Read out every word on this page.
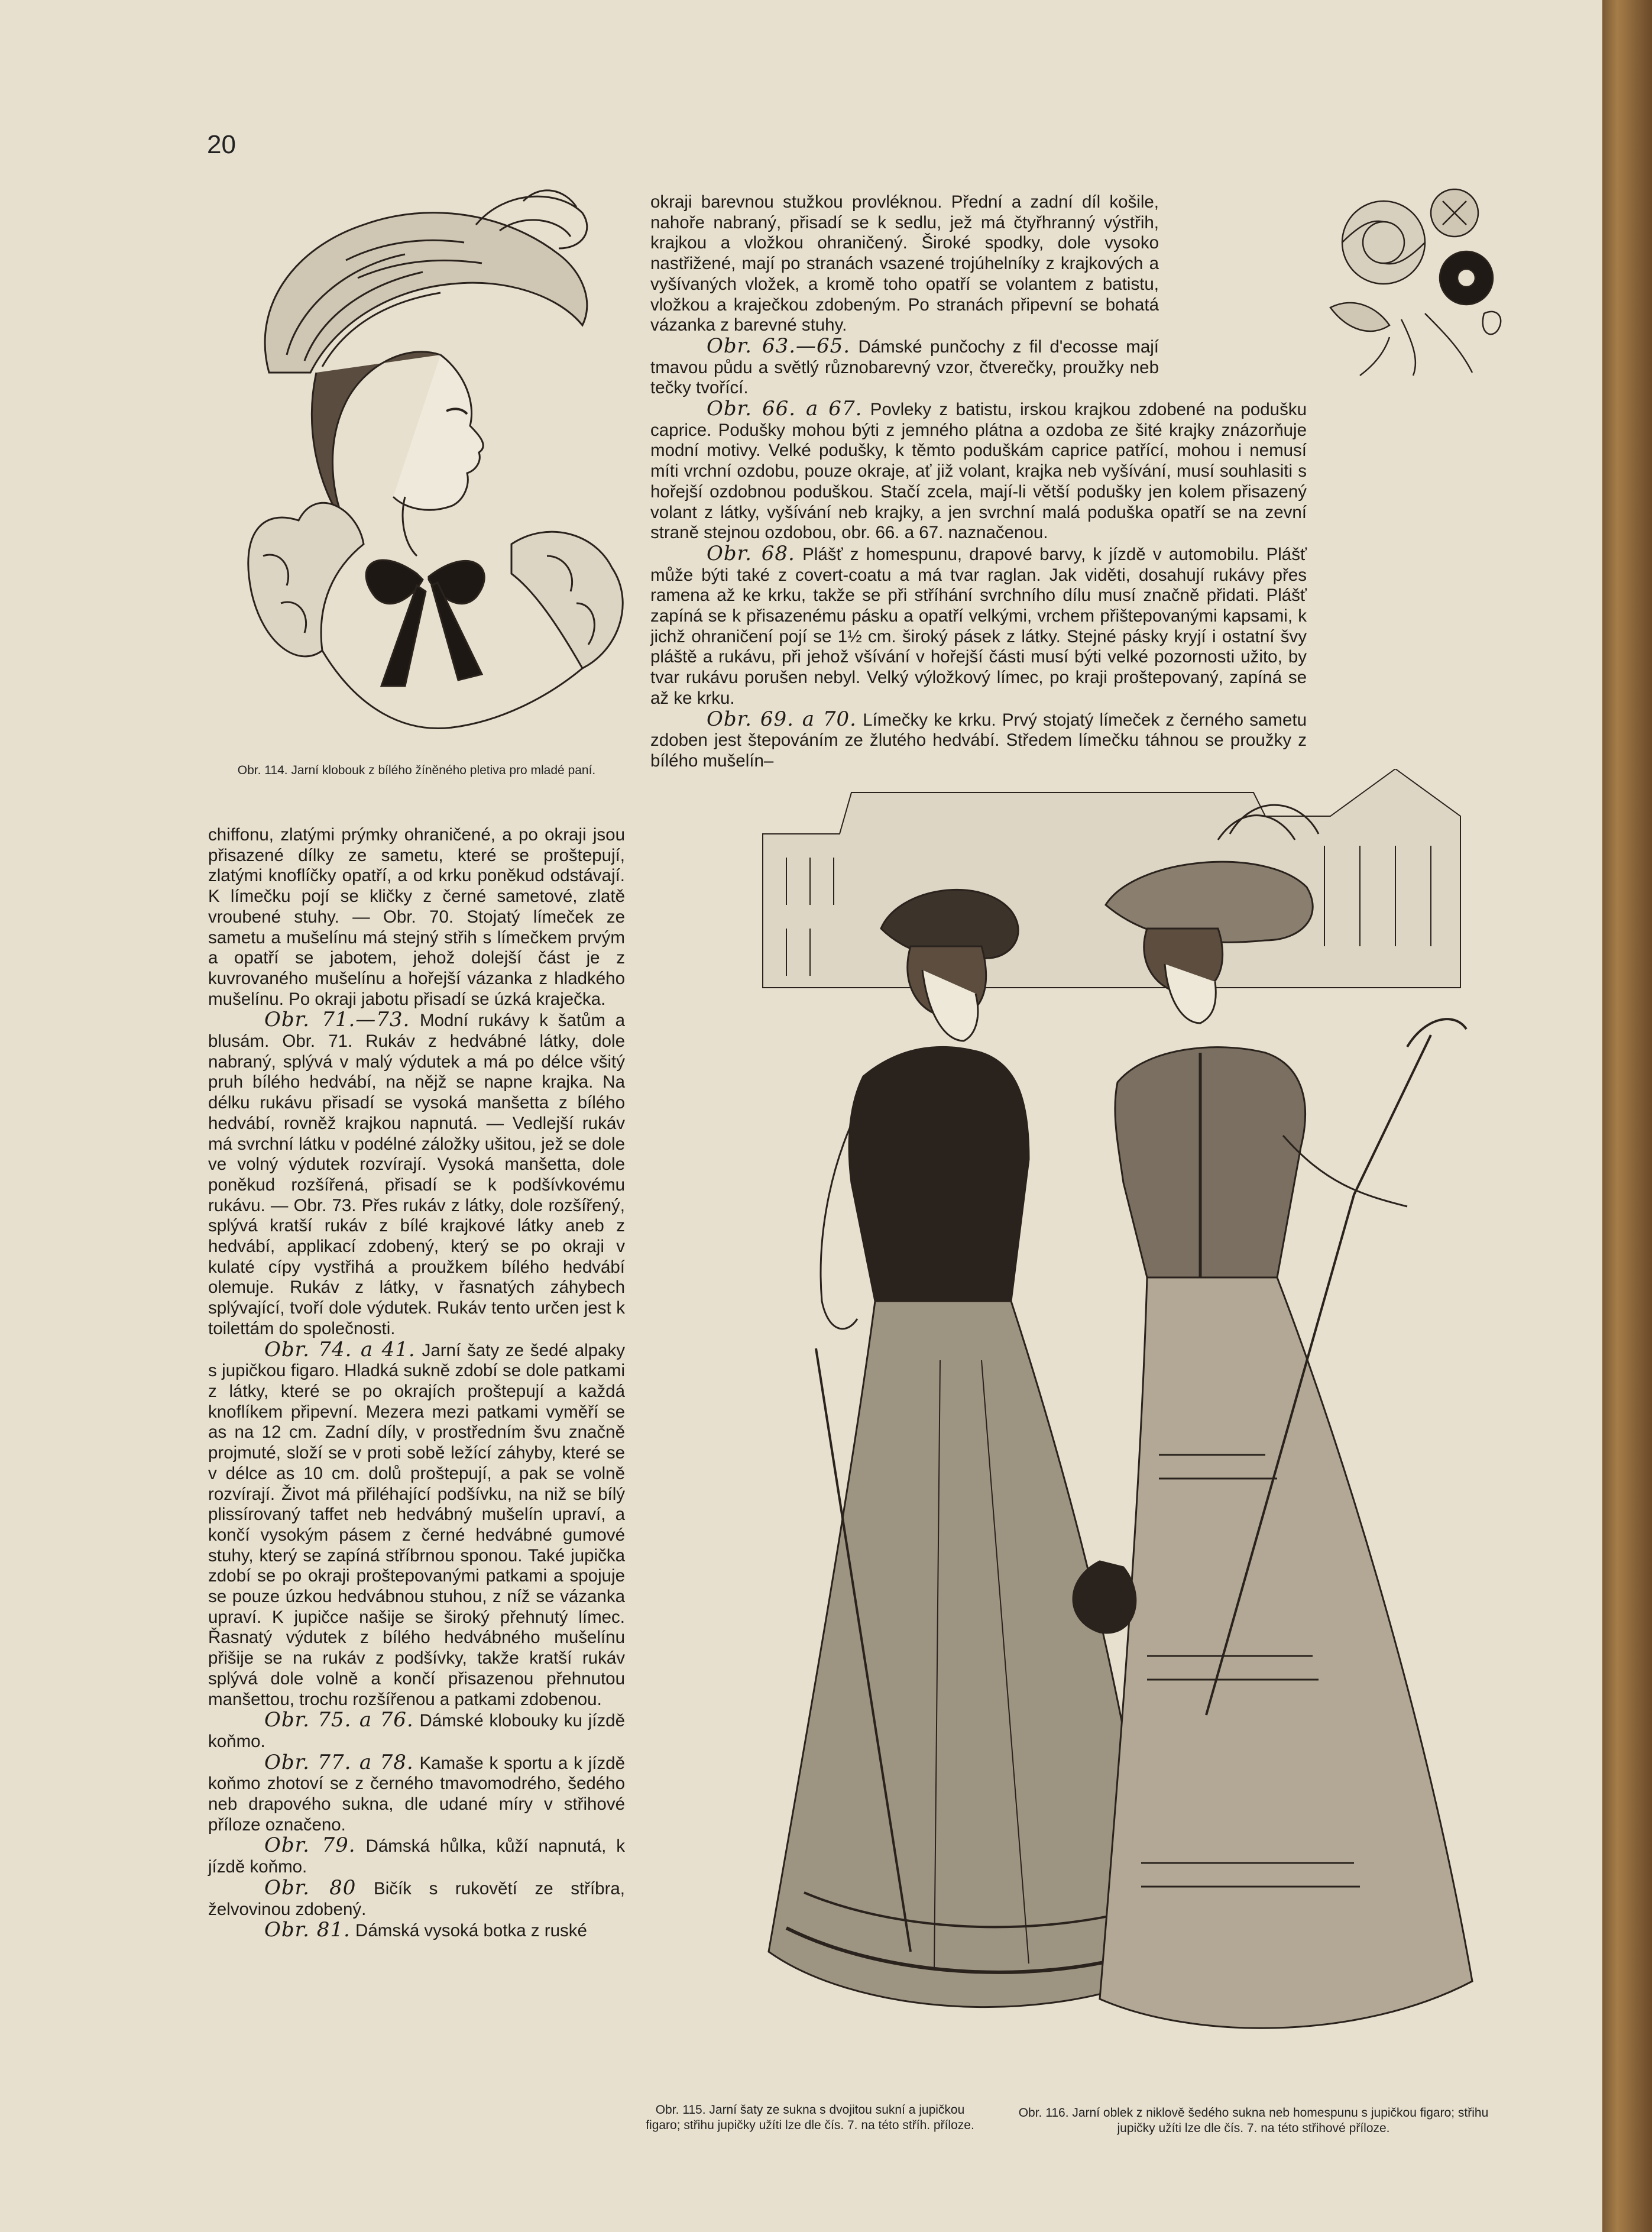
20

okraji barevnou stužkou provléknou. Přední a zadní díl košile, nahoře nabraný, přisadí se k sedlu, jež má čtyřhranný výstřih, krajkou a vložkou ohraničený. Široké spodky, dole vysoko nastřižené, mají po stranách vsazené trojúhelníky z krajkových a vyšívaných vložek, a kromě toho opatří se volantem z batistu, vložkou a kraječkou zdobeným. Po stranách připevní se bohatá vázanka z barevné stuhy.

Obr. 63.—65. Dámské punčochy z fil d'ecosse mají tmavou půdu a světlý různobarevný vzor, čtverečky, proužky neb tečky tvořící.

Obr. 66. a 67. Povleky z batistu, irskou krajkou zdobené na podušku caprice. Podušky mohou býti z jemného plátna a ozdoba ze šité krajky znázorňuje modní motivy. Velké podušky, k těmto poduškám caprice patřící, mohou i nemusí míti vrchní ozdobu, pouze okraje, ať již volant, krajka neb vyšívání, musí souhlasiti s hořejší ozdobnou poduškou. Stačí zcela, mají-li větší podušky jen kolem přisazený volant z látky, vyšívání neb krajky, a jen svrchní malá poduška opatří se na zevní straně stejnou ozdobou, obr. 66. a 67. naznačenou.

Obr. 68. Plášť z homespunu, drapové barvy, k jízdě v automobilu. Plášť může býti také z covert-coatu a má tvar raglan. Jak viděti, dosahují rukávy přes ramena až ke krku, takže se při stříhání svrchního dílu musí značně přidati. Plášť zapíná se k přisazenému pásku a opatří velkými, vrchem přištepovanými kapsami, k jichž ohraničení pojí se 1½ cm. široký pásek z látky. Stejné pásky kryjí i ostatní švy pláště a rukávu, při jehož všívání v hořejší části musí býti velké pozornosti užito, by tvar rukávu porušen nebyl. Velký výložkový límec, po kraji proštepovaný, zapíná se až ke krku.

Obr. 69. a 70. Límečky ke krku. Prvý stojatý límeček z černého sametu zdoben jest štepováním ze žlutého hedvábí. Středem límečku táhnou se proužky z bílého mušelín–

Obr. 114. Jarní klobouk z bílého žíněného pletiva pro mladé paní.

chiffonu, zlatými prýmky ohraničené, a po okraji jsou přisazené dílky ze sametu, které se proštepují, zlatými knoflíčky opatří, a od krku poněkud odstávají. K límečku pojí se kličky z černé sametové, zlatě vroubené stuhy. — Obr. 70. Stojatý límeček ze sametu a mušelínu má stejný střih s límečkem prvým a opatří se jabotem, jehož dolejší část je z kuvrovaného mušelínu a hořejší vázanka z hladkého mušelínu. Po okraji jabotu přisadí se úzká kraječka.

Obr. 71.—73. Modní rukávy k šatům a blusám. Obr. 71. Rukáv z hedvábné látky, dole nabraný, splývá v malý výdutek a má po délce všitý pruh bílého hedvábí, na nějž se napne krajka. Na délku rukávu přisadí se vysoká manšetta z bílého hedvábí, rovněž krajkou napnutá. — Vedlejší rukáv má svrchní látku v podélné záložky ušitou, jež se dole ve volný výdutek rozvírají. Vysoká manšetta, dole poněkud rozšířená, přisadí se k podšívkovému rukávu. — Obr. 73. Přes rukáv z látky, dole rozšířený, splývá kratší rukáv z bílé krajkové látky aneb z hedvábí, applikací zdobený, který se po okraji v kulaté cípy vystřihá a proužkem bílého hedvábí olemuje. Rukáv z látky, v řasnatých záhybech splývající, tvoří dole výdutek. Rukáv tento určen jest k toilettám do společnosti.

Obr. 74. a 41. Jarní šaty ze šedé alpaky s jupičkou figaro. Hladká sukně zdobí se dole patkami z látky, které se po okrajích proštepují a každá knoflíkem připevní. Mezera mezi patkami vyměří se as na 12 cm. Zadní díly, v prostředním švu značně projmuté, složí se v proti sobě ležící záhyby, které se v délce as 10 cm. dolů proštepují, a pak se volně rozvírají. Život má přiléhající podšívku, na niž se bílý plissírovaný taffet neb hedvábný mušelín upraví, a končí vysokým pásem z černé hedvábné gumové stuhy, který se zapíná stříbrnou sponou. Také jupička zdobí se po okraji proštepovanými patkami a spojuje se pouze úzkou hedvábnou stuhou, z níž se vázanka upraví. K jupičce našije se široký přehnutý límec. Řasnatý výdutek z bílého hedvábného mušelínu přišije se na rukáv z podšívky, takže kratší rukáv splývá dole volně a končí přisazenou přehnutou manšettou, trochu rozšířenou a patkami zdobenou.

Obr. 75. a 76. Dámské klobouky ku jízdě koňmo.

Obr. 77. a 78. Kamaše k sportu a k jízdě koňmo zhotoví se z černého tmavomodrého, šedého neb drapového sukna, dle udané míry v střihové příloze označeno.

Obr. 79. Dámská hůlka, kůží napnutá, k jízdě koňmo.

Obr. 80 Bičík s rukovětí ze stříbra, želvovinou zdobený.

Obr. 81. Dámská vysoká botka z ruské

Obr. 115. Jarní šaty ze sukna s dvojitou sukní a jupičkou figaro; střihu jupičky užíti lze dle čís. 7. na této stříh. příloze.
Obr. 116. Jarní oblek z niklově šedého sukna neb homespunu s jupičkou figaro; střihu jupičky užíti lze dle čís. 7. na této střihové příloze.
